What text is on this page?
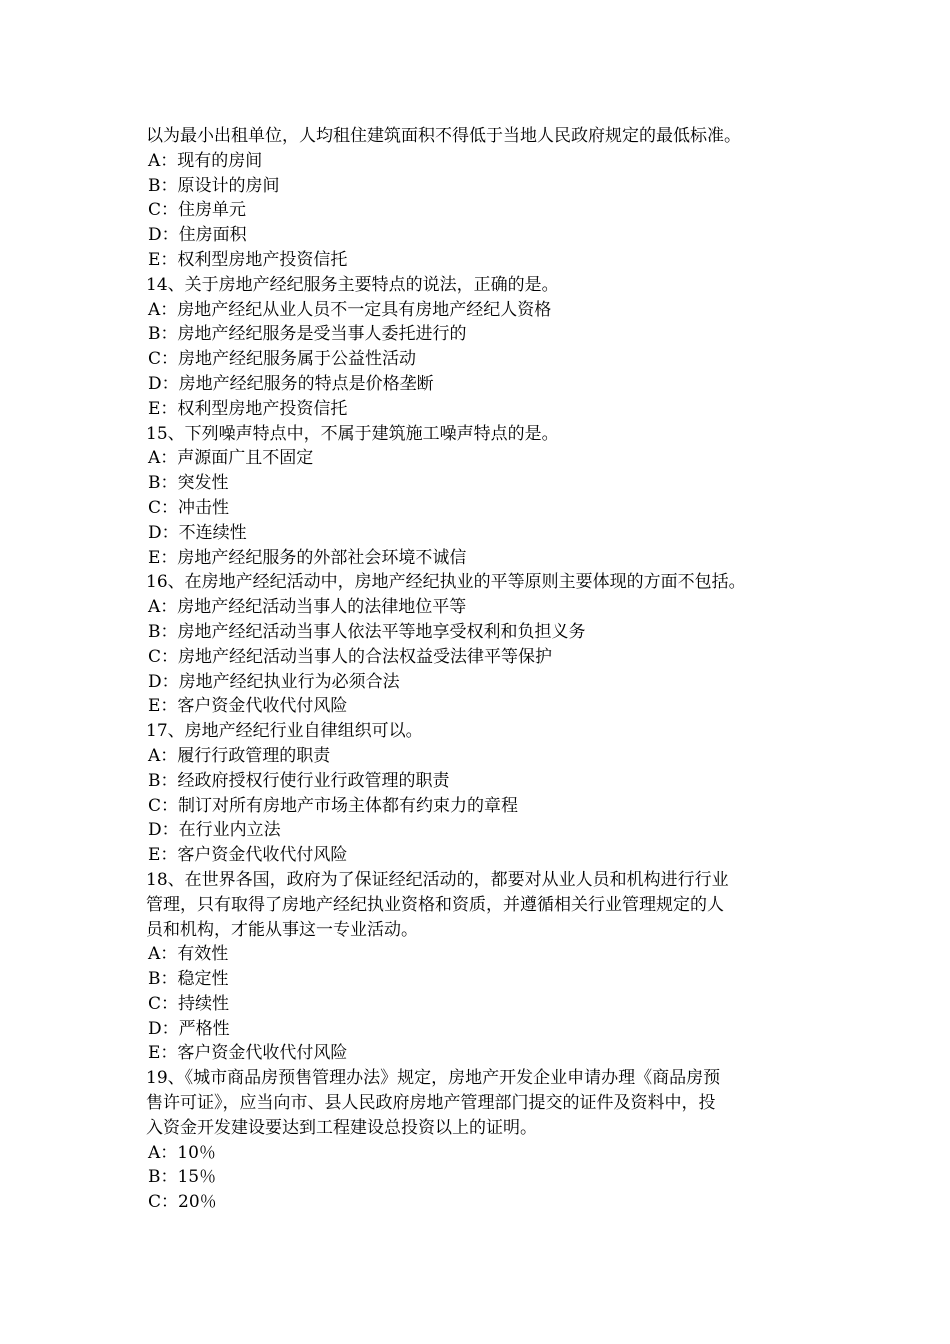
以为最小出租单位，人均租住建筑面积不得低于当地人民政府规定的最低标准。
A：现有的房间
B：原设计的房间
C：住房单元
D：住房面积
E：权利型房地产投资信托
14、关于房地产经纪服务主要特点的说法，正确的是。
A：房地产经纪从业人员不一定具有房地产经纪人资格
B：房地产经纪服务是受当事人委托进行的
C：房地产经纪服务属于公益性活动
D：房地产经纪服务的特点是价格垄断
E：权利型房地产投资信托
15、下列噪声特点中，不属于建筑施工噪声特点的是。
A：声源面广且不固定
B：突发性
C：冲击性
D：不连续性
E：房地产经纪服务的外部社会环境不诚信
16、在房地产经纪活动中，房地产经纪执业的平等原则主要体现的方面不包括。
A：房地产经纪活动当事人的法律地位平等
B：房地产经纪活动当事人依法平等地享受权利和负担义务
C：房地产经纪活动当事人的合法权益受法律平等保护
D：房地产经纪执业行为必须合法
E：客户资金代收代付风险
17、房地产经纪行业自律组织可以。
A：履行行政管理的职责
B：经政府授权行使行业行政管理的职责
C：制订对所有房地产市场主体都有约束力的章程
D：在行业内立法
E：客户资金代收代付风险
18、在世界各国，政府为了保证经纪活动的，都要对从业人员和机构进行行业
管理，只有取得了房地产经纪执业资格和资质，并遵循相关行业管理规定的人
员和机构，才能从事这一专业活动。
A：有效性
B：稳定性
C：持续性
D：严格性
E：客户资金代收代付风险
19、《城市商品房预售管理办法》规定，房地产开发企业申请办理《商品房预
售许可证》，应当向市、县人民政府房地产管理部门提交的证件及资料中，投
入资金开发建设要达到工程建设总投资以上的证明。
A：10％
B：15％
C：20％
